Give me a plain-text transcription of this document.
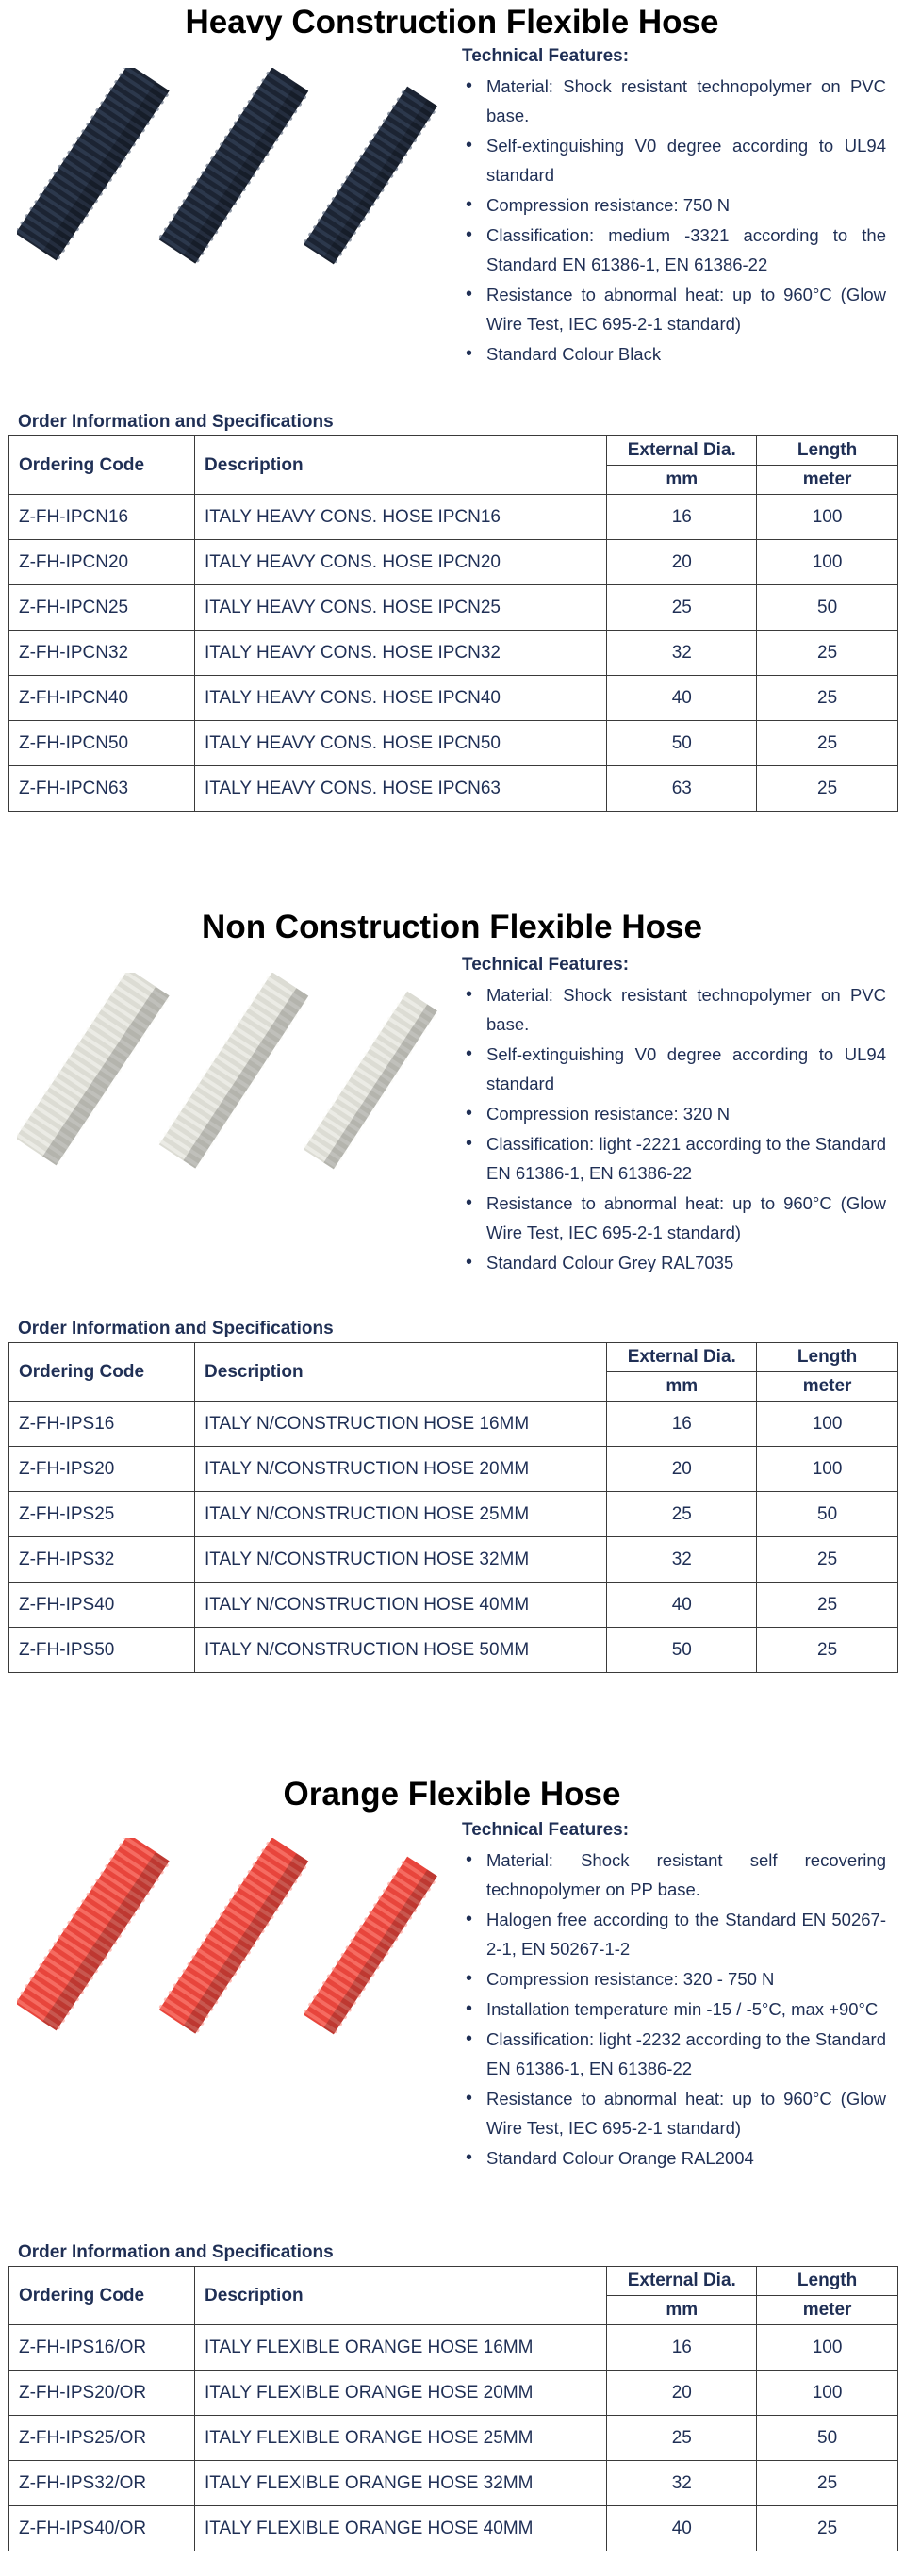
Heavy Construction Flexible Hose

Technical Features:

• Material: Shock resistant technopolymer on PVC base.
• Self-extinguishing V0 degree according to UL94 standard
• Compression resistance: 750 N
• Classification: medium -3321 according to the Standard EN 61386-1, EN 61386-22
• Resistance to abnormal heat: up to 960°C (Glow Wire Test, IEC 695-2-1 standard)
• Standard Colour Black

Order Information and Specifications

Ordering Code	Description	External Dia.	Length
		mm	meter
Z-FH-IPCN16	ITALY HEAVY CONS. HOSE IPCN16	16	100
Z-FH-IPCN20	ITALY HEAVY CONS. HOSE IPCN20	20	100
Z-FH-IPCN25	ITALY HEAVY CONS. HOSE IPCN25	25	50
Z-FH-IPCN32	ITALY HEAVY CONS. HOSE IPCN32	32	25
Z-FH-IPCN40	ITALY HEAVY CONS. HOSE IPCN40	40	25
Z-FH-IPCN50	ITALY HEAVY CONS. HOSE IPCN50	50	25
Z-FH-IPCN63	ITALY HEAVY CONS. HOSE IPCN63	63	25
Non Construction Flexible Hose

Technical Features:

• Material: Shock resistant technopolymer on PVC base.
• Self-extinguishing V0 degree according to UL94 standard
• Compression resistance: 320 N
• Classification: light -2221 according to the Standard EN 61386-1, EN 61386-22
• Resistance to abnormal heat: up to 960°C (Glow Wire Test, IEC 695-2-1 standard)
• Standard Colour Grey RAL7035

Order Information and Specifications

Ordering Code	Description	External Dia.	Length
		mm	meter
Z-FH-IPS16	ITALY N/CONSTRUCTION HOSE 16MM	16	100
Z-FH-IPS20	ITALY N/CONSTRUCTION HOSE 20MM	20	100
Z-FH-IPS25	ITALY N/CONSTRUCTION HOSE 25MM	25	50
Z-FH-IPS32	ITALY N/CONSTRUCTION HOSE 32MM	32	25
Z-FH-IPS40	ITALY N/CONSTRUCTION HOSE 40MM	40	25
Z-FH-IPS50	ITALY N/CONSTRUCTION HOSE 50MM	50	25
Orange Flexible Hose

Technical Features:

• Material: Shock resistant self recovering technopolymer on PP base.
• Halogen free according to the Standard EN 50267-2-1, EN 50267-1-2
• Compression resistance: 320 - 750 N
• Installation temperature min -15 / -5°C, max +90°C
• Classification: light -2232 according to the Standard EN 61386-1, EN 61386-22
• Resistance to abnormal heat: up to 960°C (Glow Wire Test, IEC 695-2-1 standard)
• Standard Colour Orange RAL2004

Order Information and Specifications

Ordering Code	Description	External Dia.	Length
		mm	meter
Z-FH-IPS16/OR	ITALY FLEXIBLE ORANGE HOSE 16MM	16	100
Z-FH-IPS20/OR	ITALY FLEXIBLE ORANGE HOSE 20MM	20	100
Z-FH-IPS25/OR	ITALY FLEXIBLE ORANGE HOSE 25MM	25	50
Z-FH-IPS32/OR	ITALY FLEXIBLE ORANGE HOSE 32MM	32	25
Z-FH-IPS40/OR	ITALY FLEXIBLE ORANGE HOSE 40MM	40	25
